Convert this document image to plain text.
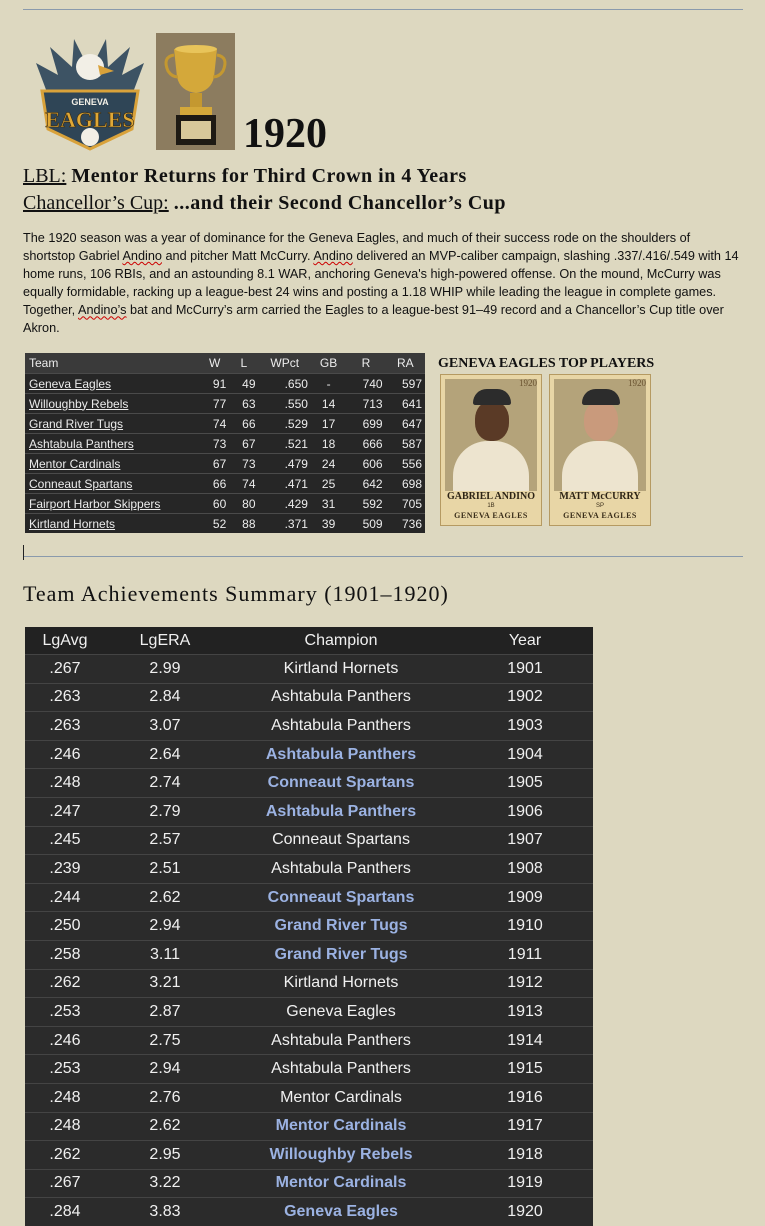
GENEVA
EAGLES	1920
LBL: Mentor Returns for Third Crown in 4 Years
Chancellor’s Cup: ...and their Second Chancellor’s Cup
The 1920 season was a year of dominance for the Geneva Eagles, and much of their success rode on the shoulders of shortstop Gabriel Andino and pitcher Matt McCurry. Andino delivered an MVP-caliber campaign, slashing .337/.416/.549 with 14 home runs, 106 RBIs, and an astounding 8.1 WAR, anchoring Geneva's high-powered offense. On the mound, McCurry was equally formidable, racking up a league-best 24 wins and posting a 1.18 WHIP while leading the league in complete games. Together, Andino’s bat and McCurry’s arm carried the Eagles to a league-best 91–49 record and a Chancellor’s Cup title over Akron.
Team	W	L	WPct	GB	R	RA
Geneva Eagles	91	49	.650	-	740	597
Willoughby Rebels	77	63	.550	14	713	641
Grand River Tugs	74	66	.529	17	699	647
Ashtabula Panthers	73	67	.521	18	666	587
Mentor Cardinals	67	73	.479	24	606	556
Conneaut Spartans	66	74	.471	25	642	698
Fairport Harbor Skippers	60	80	.429	31	592	705
Kirtland Hornets	52	88	.371	39	509	736
GENEVA EAGLES TOP PLAYERS
1920
GABRIEL ANDINO
1B
GENEVA EAGLES
1920
MATT McCURRY
SP
GENEVA EAGLES
Team Achievements Summary (1901–1920)
LgAvg	LgERA	Champion	Year
.267	2.99	Kirtland Hornets	1901
.263	2.84	Ashtabula Panthers	1902
.263	3.07	Ashtabula Panthers	1903
.246	2.64	Ashtabula Panthers	1904
.248	2.74	Conneaut Spartans	1905
.247	2.79	Ashtabula Panthers	1906
.245	2.57	Conneaut Spartans	1907
.239	2.51	Ashtabula Panthers	1908
.244	2.62	Conneaut Spartans	1909
.250	2.94	Grand River Tugs	1910
.258	3.11	Grand River Tugs	1911
.262	3.21	Kirtland Hornets	1912
.253	2.87	Geneva Eagles	1913
.246	2.75	Ashtabula Panthers	1914
.253	2.94	Ashtabula Panthers	1915
.248	2.76	Mentor Cardinals	1916
.248	2.62	Mentor Cardinals	1917
.262	2.95	Willoughby Rebels	1918
.267	3.22	Mentor Cardinals	1919
.284	3.83	Geneva Eagles	1920
